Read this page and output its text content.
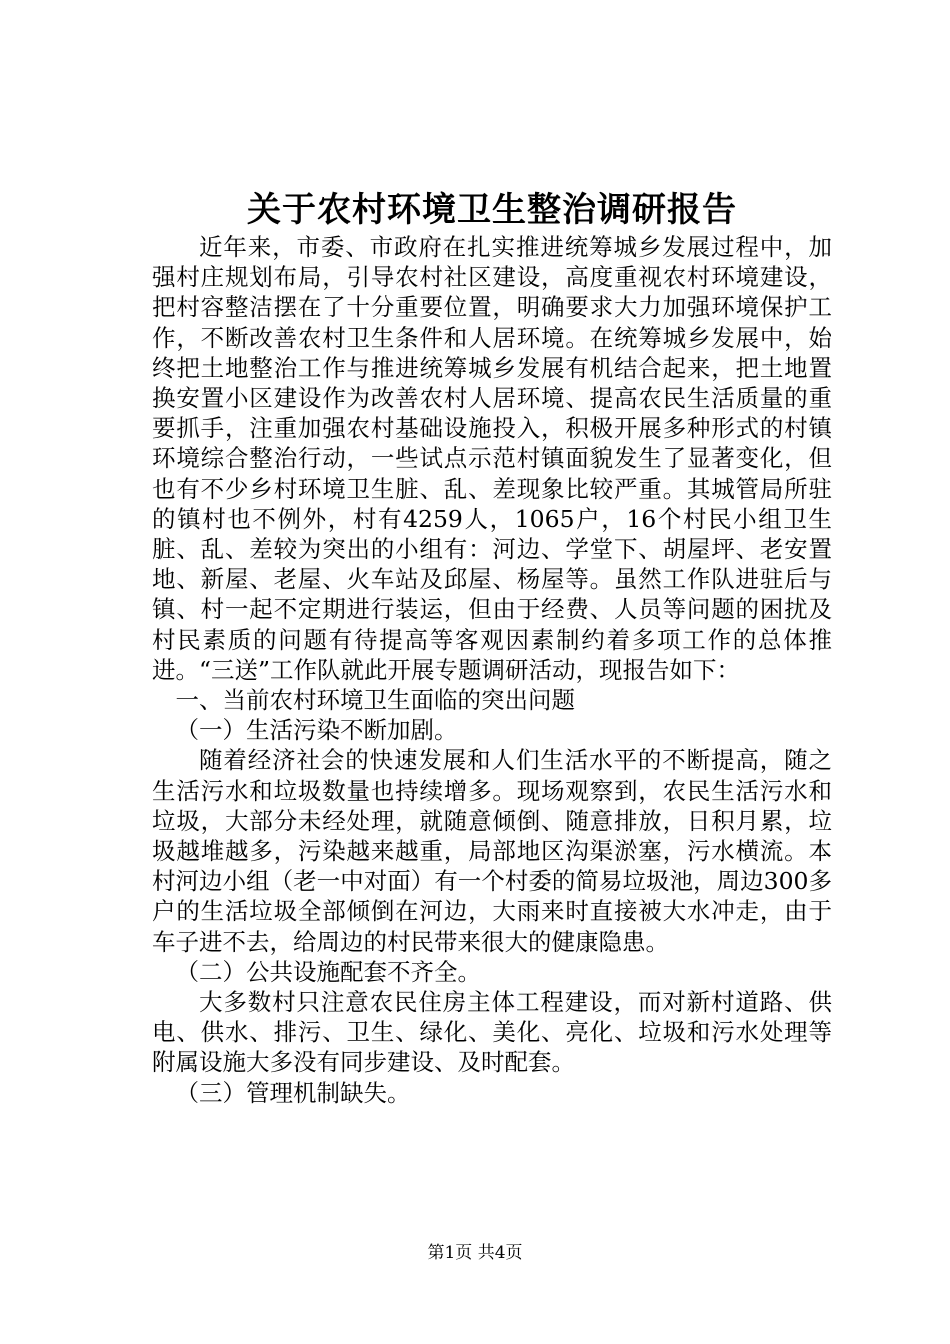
关于农村环境卫生整治调研报告

近年来，市委、市政府在扎实推进统筹城乡发展过程中，加强村庄规划布局，引导农村社区建设，高度重视农村环境建设，把村容整洁摆在了十分重要位置，明确要求大力加强环境保护工作，不断改善农村卫生条件和人居环境。在统筹城乡发展中，始终把土地整治工作与推进统筹城乡发展有机结合起来，把土地置换安置小区建设作为改善农村人居环境、提高农民生活质量的重要抓手，注重加强农村基础设施投入，积极开展多种形式的村镇环境综合整治行动，一些试点示范村镇面貌发生了显著变化，但也有不少乡村环境卫生脏、乱、差现象比较严重。其城管局所驻的镇村也不例外，村有4259人，1065户，16个村民小组卫生脏、乱、差较为突出的小组有：河边、学堂下、胡屋坪、老安置地、新屋、老屋、火车站及邱屋、杨屋等。虽然工作队进驻后与镇、村一起不定期进行装运，但由于经费、人员等问题的困扰及村民素质的问题有待提高等客观因素制约着多项工作的总体推进。“三送”工作队就此开展专题调研活动，现报告如下：

一、当前农村环境卫生面临的突出问题

（一）生活污染不断加剧。

随着经济社会的快速发展和人们生活水平的不断提高，随之生活污水和垃圾数量也持续增多。现场观察到，农民生活污水和垃圾，大部分未经处理，就随意倾倒、随意排放，日积月累，垃圾越堆越多，污染越来越重，局部地区沟渠淤塞，污水横流。本村河边小组（老一中对面）有一个村委的简易垃圾池，周边300多户的生活垃圾全部倾倒在河边，大雨来时直接被大水冲走，由于车子进不去，给周边的村民带来很大的健康隐患。

（二）公共设施配套不齐全。

大多数村只注意农民住房主体工程建设，而对新村道路、供电、供水、排污、卫生、绿化、美化、亮化、垃圾和污水处理等附属设施大多没有同步建设、及时配套。

（三）管理机制缺失。

第1页 共4页
